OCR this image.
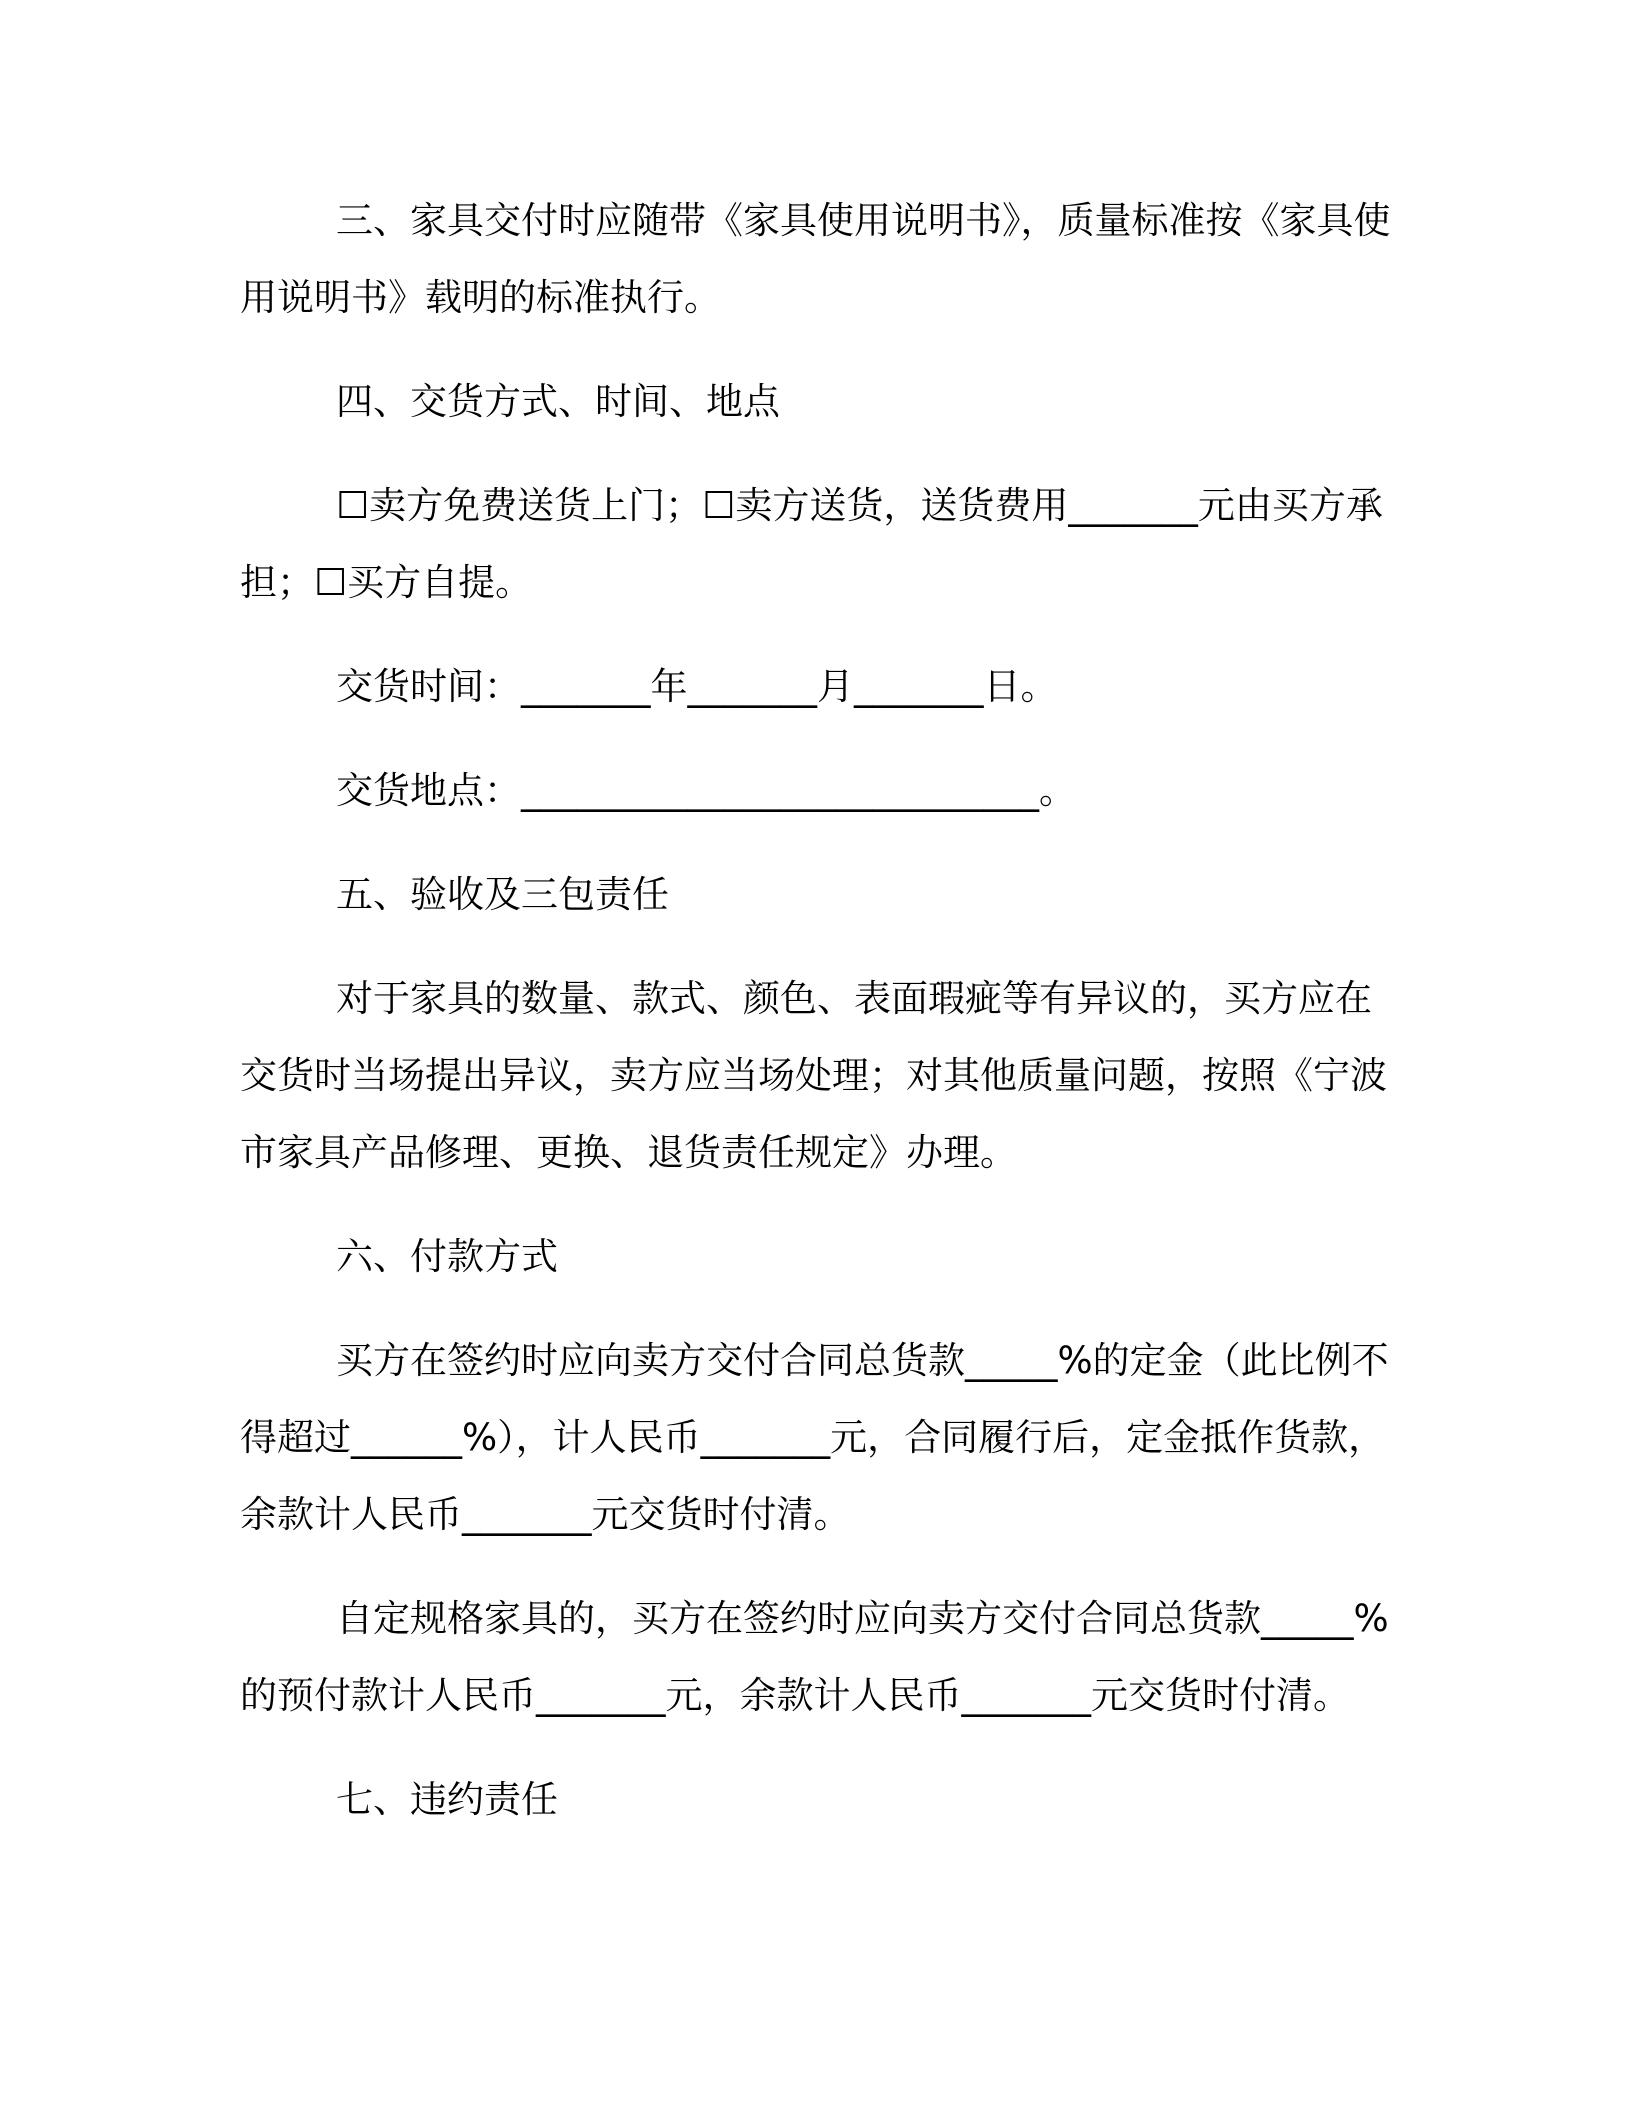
三、家具交付时应随带《家具使用说明书》，质量标准按《家具使用说明书》载明的标准执行。

四、交货方式、时间、地点

☐卖方免费送货上门；☐卖方送货，送货费用_______元由买方承担；☐买方自提。

交货时间：_______年_______月_______日。

交货地点：____________________________。

五、验收及三包责任

对于家具的数量、款式、颜色、表面瑕疵等有异议的，买方应在交货时当场提出异议，卖方应当场处理；对其他质量问题，按照《宁波市家具产品修理、更换、退货责任规定》办理。

六、付款方式

买方在签约时应向卖方交付合同总货款_____%的定金（此比例不得超过______%），计人民币_______元，合同履行后，定金抵作货款，余款计人民币_______元交货时付清。

自定规格家具的，买方在签约时应向卖方交付合同总货款_____%的预付款计人民币_______元，余款计人民币_______元交货时付清。

七、违约责任
